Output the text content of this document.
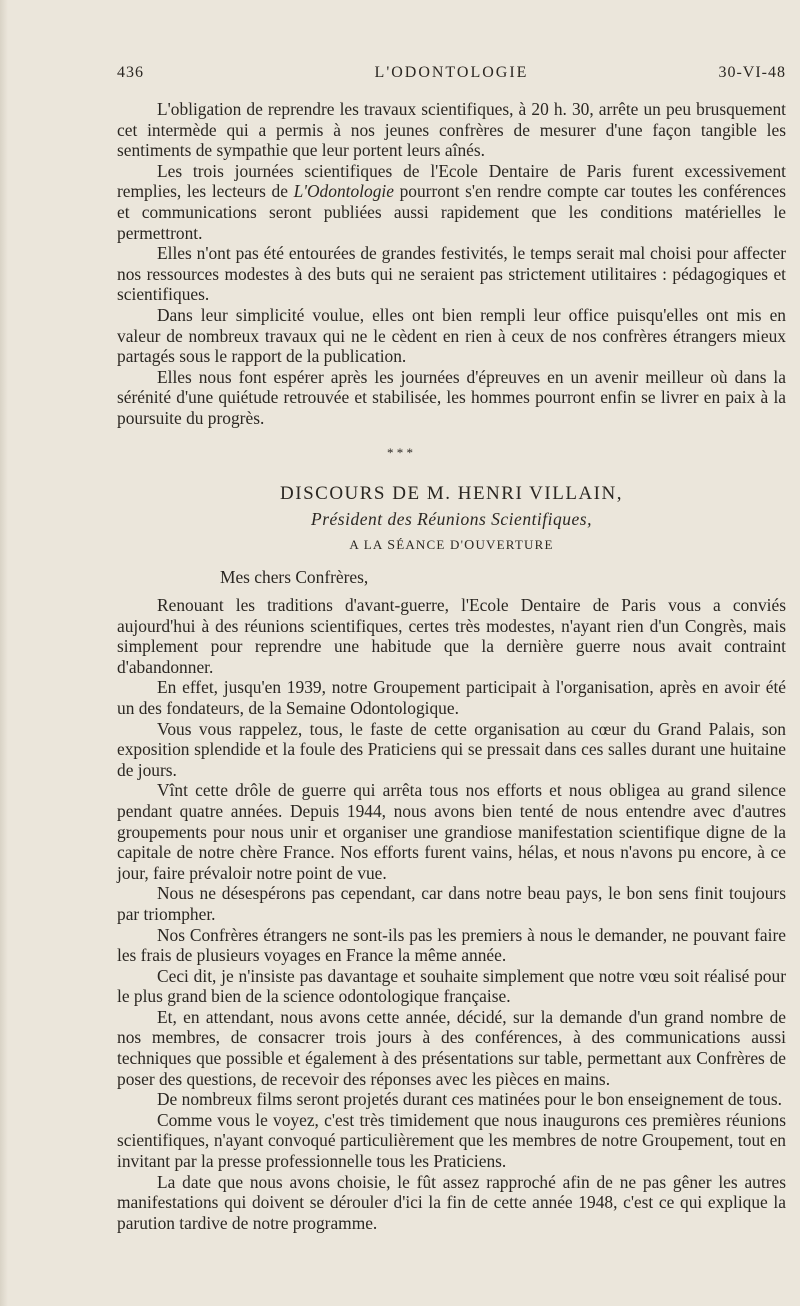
436	L'ODONTOLOGIE	30-VI-48

L'obligation de reprendre les travaux scientifiques, à 20 h. 30, arrête un peu brusquement cet intermède qui a permis à nos jeunes confrères de mesurer d'une façon tangible les sentiments de sympathie que leur portent leurs aînés.

Les trois journées scientifiques de l'Ecole Dentaire de Paris furent excessivement remplies, les lecteurs de L'Odontologie pourront s'en rendre compte car toutes les conférences et communications seront publiées aussi rapidement que les conditions matérielles le permettront.

Elles n'ont pas été entourées de grandes festivités, le temps serait mal choisi pour affecter nos ressources modestes à des buts qui ne seraient pas strictement utilitaires : pédagogiques et scientifiques.

Dans leur simplicité voulue, elles ont bien rempli leur office puisqu'elles ont mis en valeur de nombreux travaux qui ne le cèdent en rien à ceux de nos confrères étrangers mieux partagés sous le rapport de la publication.

Elles nous font espérer après les journées d'épreuves en un avenir meilleur où dans la sérénité d'une quiétude retrouvée et stabilisée, les hommes pourront enfin se livrer en paix à la poursuite du progrès.

* * *
DISCOURS DE M. HENRI VILLAIN,
Président des Réunions Scientifiques,
A LA SÉANCE D'OUVERTURE
Mes chers Confrères,

Renouant les traditions d'avant-guerre, l'Ecole Dentaire de Paris vous a conviés aujourd'hui à des réunions scientifiques, certes très modestes, n'ayant rien d'un Congrès, mais simplement pour reprendre une habitude que la dernière guerre nous avait contraint d'abandonner.

En effet, jusqu'en 1939, notre Groupement participait à l'organisation, après en avoir été un des fondateurs, de la Semaine Odontologique.

Vous vous rappelez, tous, le faste de cette organisation au cœur du Grand Palais, son exposition splendide et la foule des Praticiens qui se pressait dans ces salles durant une huitaine de jours.

Vînt cette drôle de guerre qui arrêta tous nos efforts et nous obligea au grand silence pendant quatre années. Depuis 1944, nous avons bien tenté de nous entendre avec d'autres groupements pour nous unir et organiser une grandiose manifestation scientifique digne de la capitale de notre chère France. Nos efforts furent vains, hélas, et nous n'avons pu encore, à ce jour, faire prévaloir notre point de vue.

Nous ne désespérons pas cependant, car dans notre beau pays, le bon sens finit toujours par triompher.

Nos Confrères étrangers ne sont-ils pas les premiers à nous le demander, ne pouvant faire les frais de plusieurs voyages en France la même année.

Ceci dit, je n'insiste pas davantage et souhaite simplement que notre vœu soit réalisé pour le plus grand bien de la science odontologique française.

Et, en attendant, nous avons cette année, décidé, sur la demande d'un grand nombre de nos membres, de consacrer trois jours à des conférences, à des communications aussi techniques que possible et également à des présentations sur table, permettant aux Confrères de poser des questions, de recevoir des réponses avec les pièces en mains.

De nombreux films seront projetés durant ces matinées pour le bon enseignement de tous.

Comme vous le voyez, c'est très timidement que nous inaugurons ces premières réunions scientifiques, n'ayant convoqué particulièrement que les membres de notre Groupement, tout en invitant par la presse professionnelle tous les Praticiens.

La date que nous avons choisie, le fût assez rapproché afin de ne pas gêner les autres manifestations qui doivent se dérouler d'ici la fin de cette année 1948, c'est ce qui explique la parution tardive de notre programme.
